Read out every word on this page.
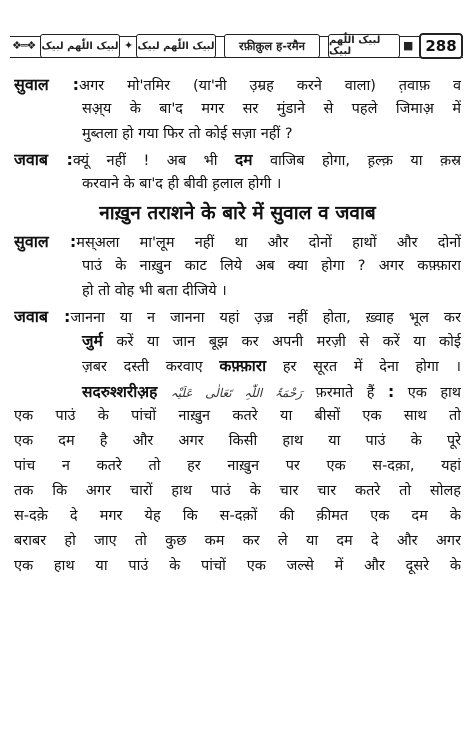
❖═❖ لبیک اللّٰھم لبیک ✦ لبیک اللّٰھم لبیک	रफ़ीक़ुल ह-रमैन	لبیک اللّٰھم لبیک	■ 288
सुवाल :अगर मो'तमिर (या'नी उ़म्रह करने वाला) त़वाफ़ व
सअ़्य के बा'द मगर सर मुंडाने से पहले जिमाअ़ में
मुब्तला हो गया फिर तो कोई सज़ा नहीं ?
जवाब :क्यूं नहीं ! अब भी दम वाजिब होगा, ह़ल्क़ या क़स्र
करवाने के बा'द ही बीवी ह़लाल होगी ।
नाख़ुन तराशने के बारे में सुवाल व जवाब
सुवाल :मस्अला मा'लूम नहीं था और दोनों हाथों और दोनों
पाउं के नाख़ुन काट लिये अब क्या होगा ? अगर कफ़्फ़ारा
हो तो वोह भी बता दीजिये ।
जवाब :जानना या न जानना यहां उ़ज़्र नहीं होता, ख़्वाह भूल कर
जुर्म करें या जान बूझ कर अपनी मरज़ी से करें या कोई
ज़बर दस्ती करवाए कफ़्फ़ारा हर सूरत में देना होगा ।
सदरुश्शरीअ़ह رَحْمَۃُ اللّٰہِ تَعَالٰی عَلَیْہ फ़रमाते हैं : एक हाथ
एक पाउं के पांचों नाख़ुन कतरे या बीसों एक साथ तो
एक दम है और अगर किसी हाथ या पाउं के पूरे
पांच न कतरे तो हर नाख़ुन पर एक स-दक़ा, यहां
तक कि अगर चारों हाथ पाउं के चार चार कतरे तो सोलह
स-दक़े दे मगर येह कि स-दक़ों की क़ीमत एक दम के
बराबर हो जाए तो कुछ कम कर ले या दम दे और अगर
एक हाथ या पाउं के पांचों एक जल्से में और दूसरे के
